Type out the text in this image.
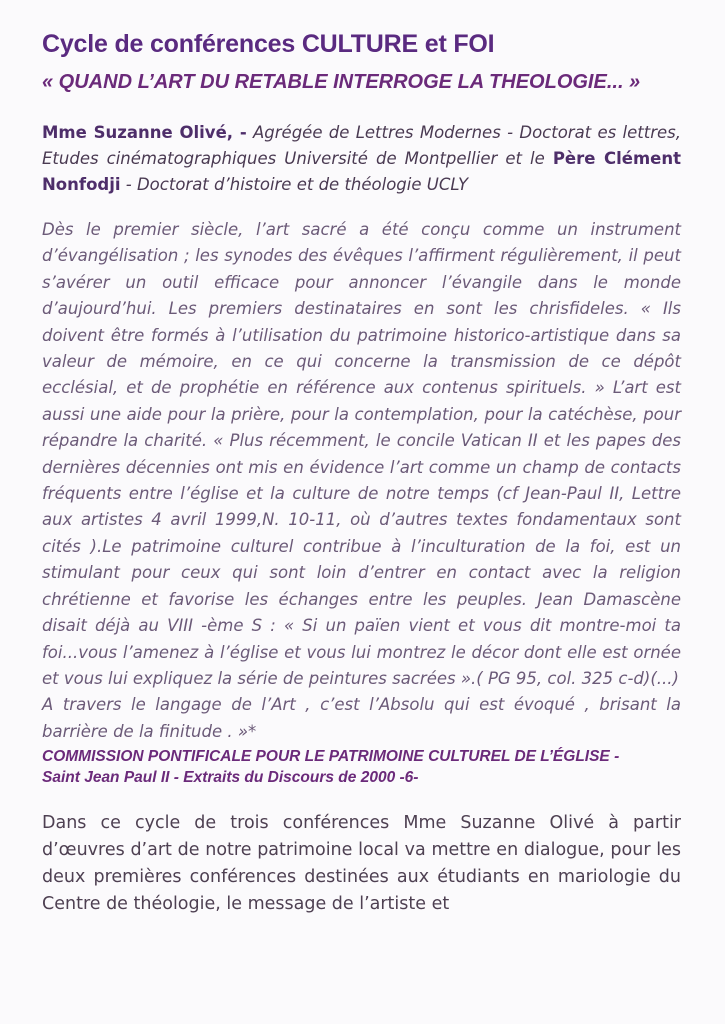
Cycle de conférences CULTURE et FOI
« QUAND L’ART DU RETABLE INTERROGE LA THEOLOGIE... »

Mme Suzanne Olivé, - Agrégée de Lettres Modernes - Doctorat es lettres, Etudes cinématographiques Université de Montpellier et le Père Clément Nonfodji - Doctorat d’histoire et de théologie UCLY

Dès le premier siècle, l’art sacré a été conçu comme un instrument d’évangélisation ; les synodes des évêques l’affirment régulièrement, il peut s’avérer un outil efficace pour annoncer l’évangile dans le monde d’aujourd’hui. Les premiers destinataires en sont les chrisfideles. « Ils doivent être formés à l’utilisation du patrimoine historico-artistique dans sa valeur de mémoire, en ce qui concerne la transmission de ce dépôt ecclésial, et de prophétie en référence aux contenus spirituels. » L’art est aussi une aide pour la prière, pour la contemplation, pour la catéchèse, pour répandre la charité. « Plus récemment, le concile Vatican II et les papes des dernières décennies ont mis en évidence l’art comme un champ de contacts fréquents entre l’église et la culture de notre temps (cf Jean-Paul II, Lettre aux artistes 4 avril 1999,N. 10-11, où d’autres textes fondamentaux sont cités ).Le patrimoine culturel contribue à l’inculturation de la foi, est un stimulant pour ceux qui sont loin d’entrer en contact avec la religion chrétienne et favorise les échanges entre les peuples. Jean Damascène disait déjà au VIII -ème S : « Si un païen vient et vous dit montre-moi ta foi...vous l’amenez à l’église et vous lui montrez le décor dont elle est ornée et vous lui expliquez la série de peintures sacrées ».( PG 95, col. 325 c-d)(...)

A travers le langage de l’Art , c’est l’Absolu qui est évoqué , brisant la barrière de la finitude . »*

COMMISSION PONTIFICALE POUR LE PATRIMOINE CULTUREL DE L’ÉGLISE -
Saint Jean Paul II - Extraits du Discours de 2000 -6-

Dans ce cycle de trois conférences Mme Suzanne Olivé à partir d’œuvres d’art de notre patrimoine local va mettre en dialogue, pour les deux premières conférences destinées aux étudiants en mariologie du Centre de théologie, le message de l’artiste et
